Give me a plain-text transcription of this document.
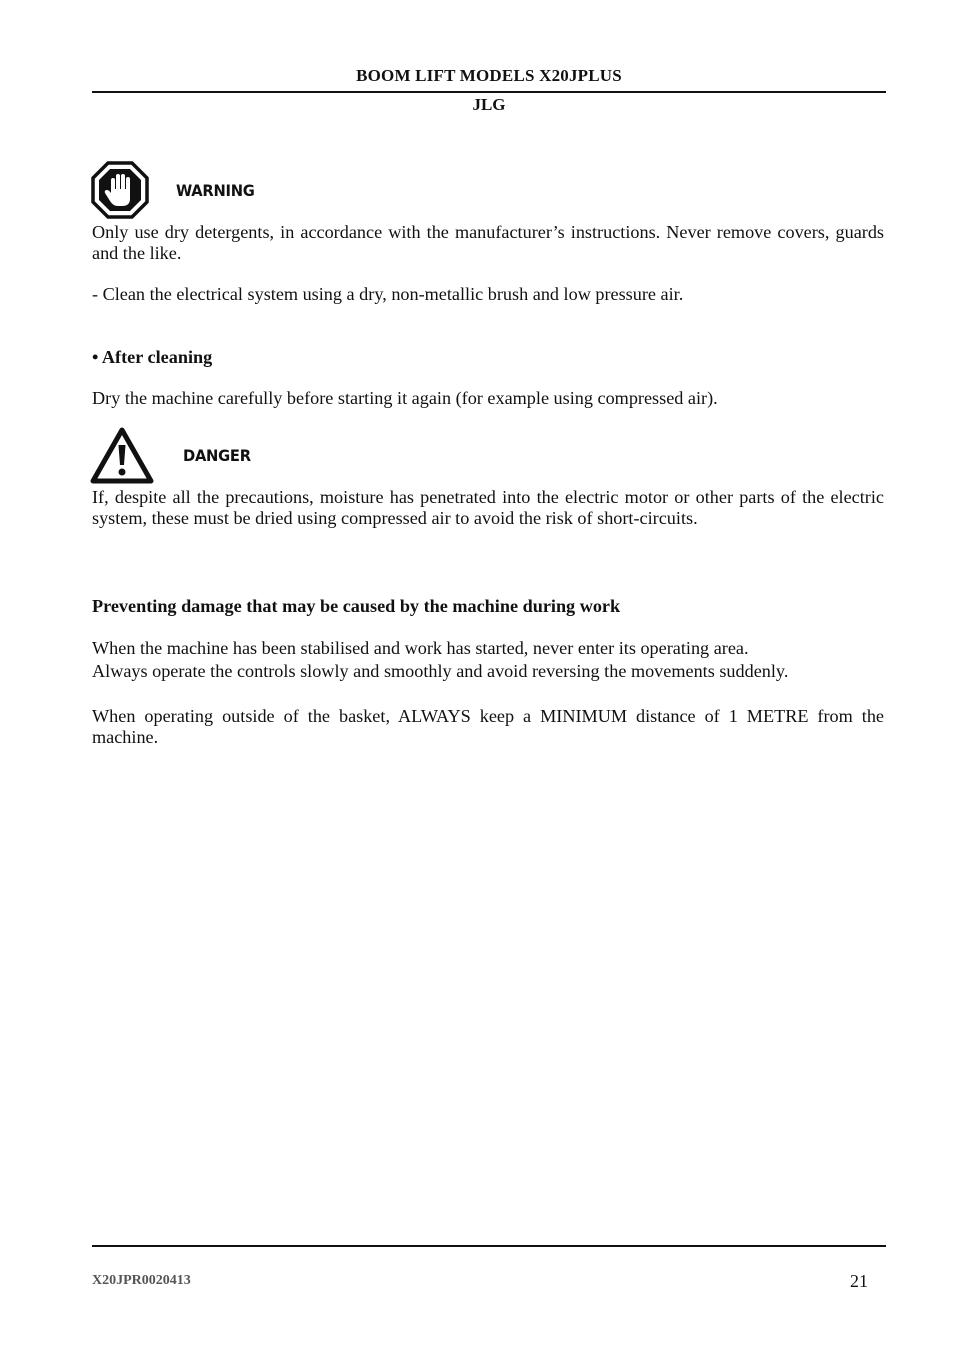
BOOM LIFT MODELS X20JPLUS
JLG
WARNING
Only use dry detergents, in accordance with the manufacturer’s instructions. Never remove covers, guards and the like.
- Clean the electrical system using a dry, non-metallic brush and low pressure air.
• After cleaning
Dry the machine carefully before starting it again (for example using compressed air).
DANGER
If, despite all the precautions, moisture has penetrated into the electric motor or other parts of the electric system, these must be dried using compressed air to avoid the risk of short-circuits.
Preventing damage that may be caused by the machine during work
When the machine has been stabilised and work has started, never enter its operating area.
Always operate the controls slowly and smoothly and avoid reversing the movements suddenly.
When operating outside of the basket, ALWAYS keep a MINIMUM distance of 1 METRE from the machine.
X20JPR0020413	21
